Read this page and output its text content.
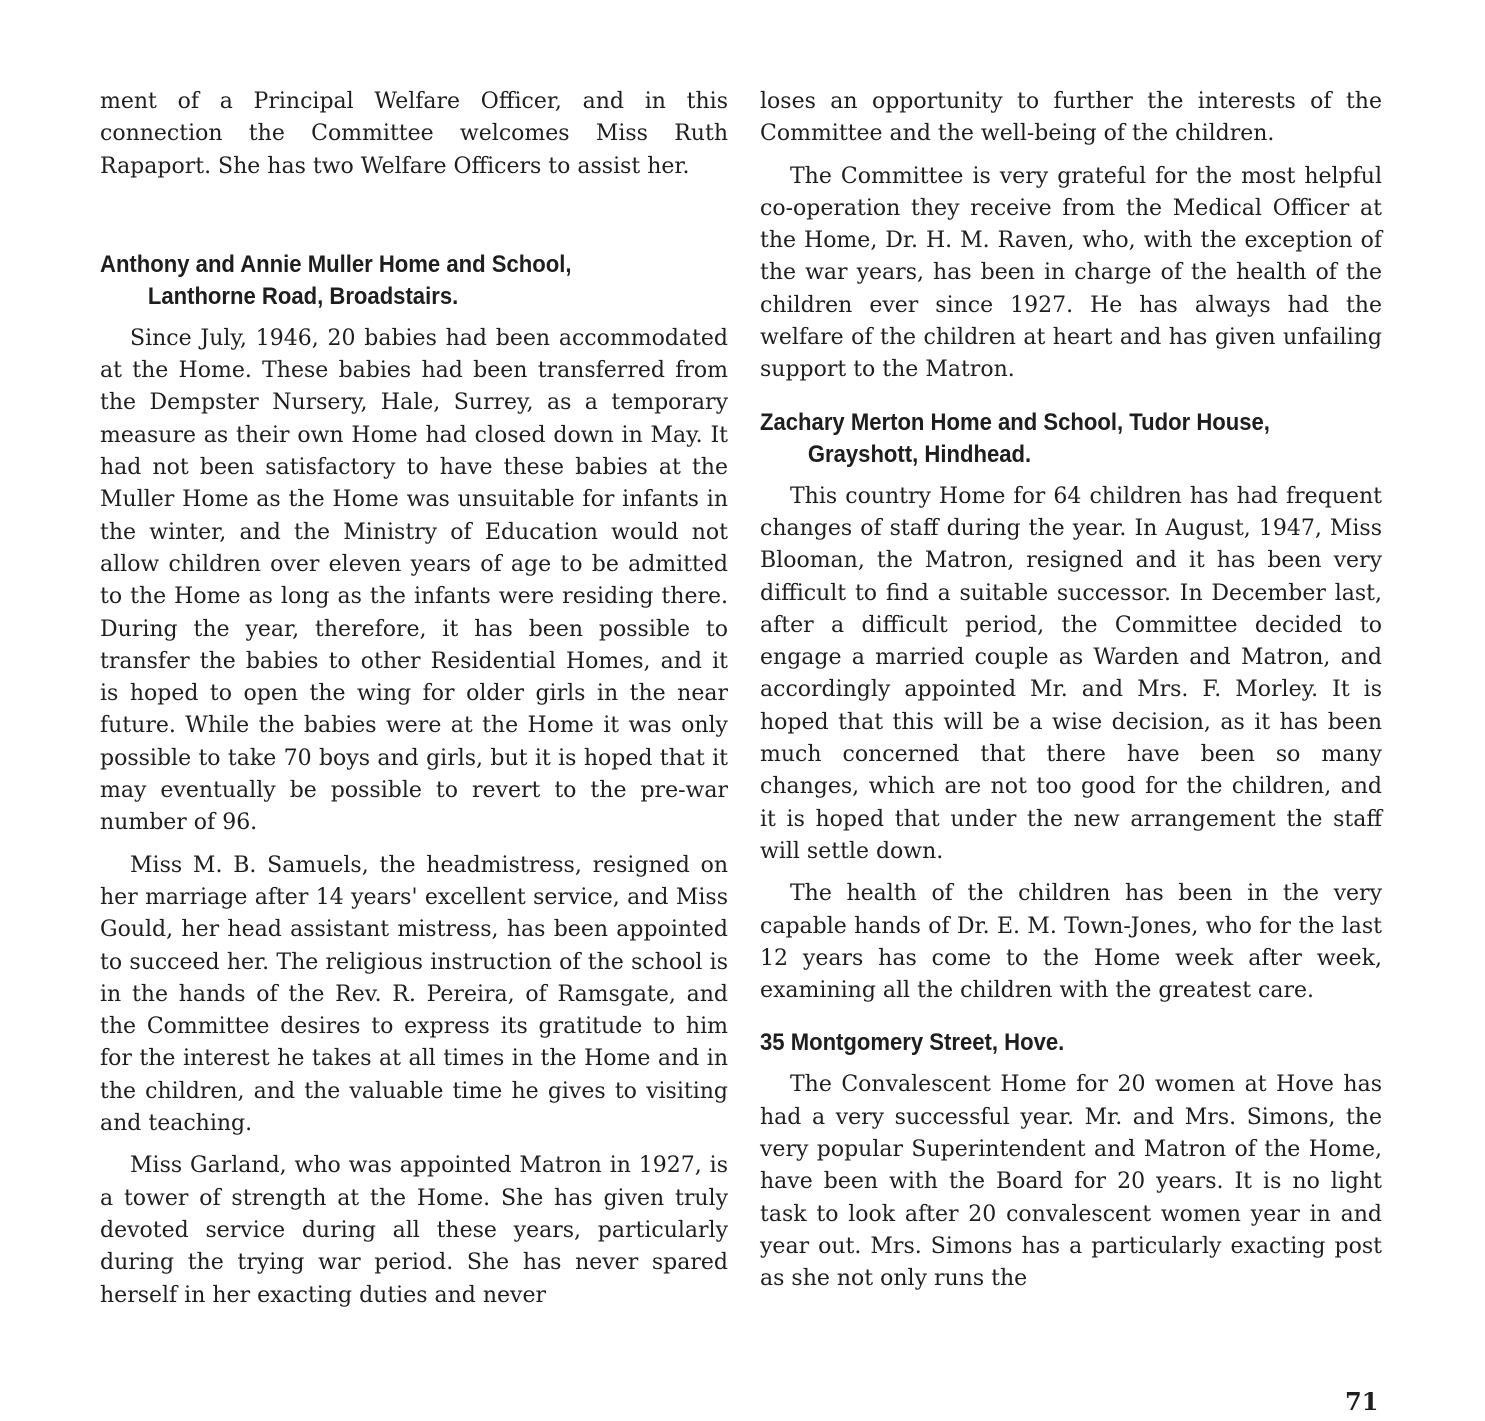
ment of a Principal Welfare Officer, and in this connection the Committee welcomes Miss Ruth Rapaport. She has two Welfare Officers to assist her.

Anthony and Annie Muller Home and School, Lanthorne Road, Broadstairs.

Since July, 1946, 20 babies had been accommodated at the Home. These babies had been transferred from the Dempster Nursery, Hale, Surrey, as a temporary measure as their own Home had closed down in May. It had not been satisfactory to have these babies at the Muller Home as the Home was unsuitable for infants in the winter, and the Ministry of Education would not allow children over eleven years of age to be admitted to the Home as long as the infants were residing there. During the year, therefore, it has been possible to transfer the babies to other Residential Homes, and it is hoped to open the wing for older girls in the near future. While the babies were at the Home it was only possible to take 70 boys and girls, but it is hoped that it may eventually be possible to revert to the pre-war number of 96.

Miss M. B. Samuels, the headmistress, resigned on her marriage after 14 years' excellent service, and Miss Gould, her head assistant mistress, has been appointed to succeed her. The religious instruction of the school is in the hands of the Rev. R. Pereira, of Ramsgate, and the Committee desires to express its gratitude to him for the interest he takes at all times in the Home and in the children, and the valuable time he gives to visiting and teaching.

Miss Garland, who was appointed Matron in 1927, is a tower of strength at the Home. She has given truly devoted service during all these years, particularly during the trying war period. She has never spared herself in her exacting duties and never

loses an opportunity to further the interests of the Committee and the well-being of the children.

The Committee is very grateful for the most helpful co-operation they receive from the Medical Officer at the Home, Dr. H. M. Raven, who, with the exception of the war years, has been in charge of the health of the children ever since 1927. He has always had the welfare of the children at heart and has given unfailing support to the Matron.

Zachary Merton Home and School, Tudor House, Grayshott, Hindhead.

This country Home for 64 children has had frequent changes of staff during the year. In August, 1947, Miss Blooman, the Matron, resigned and it has been very difficult to find a suitable successor. In December last, after a difficult period, the Committee decided to engage a married couple as Warden and Matron, and accordingly appointed Mr. and Mrs. F. Morley. It is hoped that this will be a wise decision, as it has been much concerned that there have been so many changes, which are not too good for the children, and it is hoped that under the new arrangement the staff will settle down.

The health of the children has been in the very capable hands of Dr. E. M. Town-Jones, who for the last 12 years has come to the Home week after week, examining all the children with the greatest care.

35 Montgomery Street, Hove.

The Convalescent Home for 20 women at Hove has had a very successful year. Mr. and Mrs. Simons, the very popular Superintendent and Matron of the Home, have been with the Board for 20 years. It is no light task to look after 20 convalescent women year in and year out. Mrs. Simons has a particularly exacting post as she not only runs the

71
